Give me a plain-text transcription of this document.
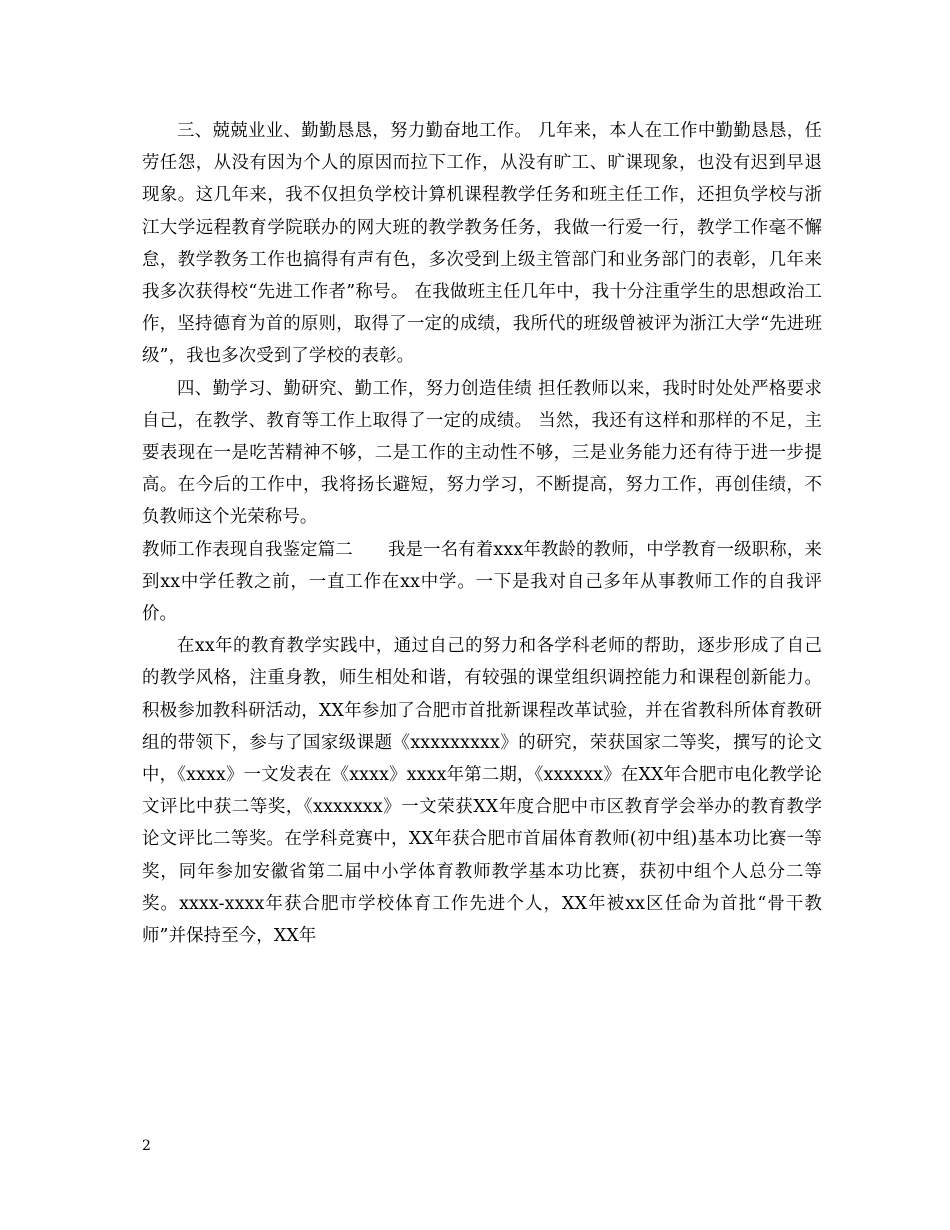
三、兢兢业业、勤勤恳恳，努力勤奋地工作。 几年来，本人在工作中勤勤恳恳，任劳任怨，从没有因为个人的原因而拉下工作，从没有旷工、旷课现象，也没有迟到早退现象。这几年来，我不仅担负学校计算机课程教学任务和班主任工作，还担负学校与浙江大学远程教育学院联办的网大班的教学教务任务，我做一行爱一行，教学工作毫不懈怠，教学教务工作也搞得有声有色，多次受到上级主管部门和业务部门的表彰，几年来我多次获得校“先进工作者”称号。 在我做班主任几年中，我十分注重学生的思想政治工作，坚持德育为首的原则，取得了一定的成绩，我所代的班级曾被评为浙江大学“先进班级”，我也多次受到了学校的表彰。

四、勤学习、勤研究、勤工作，努力创造佳绩 担任教师以来，我时时处处严格要求自己，在教学、教育等工作上取得了一定的成绩。 当然，我还有这样和那样的不足，主要表现在一是吃苦精神不够，二是工作的主动性不够，三是业务能力还有待于进一步提高。在今后的工作中，我将扬长避短，努力学习，不断提高，努力工作，再创佳绩，不负教师这个光荣称号。

教师工作表现自我鉴定篇二　　我是一名有着xxx年教龄的教师，中学教育一级职称，来到xx中学任教之前，一直工作在xx中学。一下是我对自己多年从事教师工作的自我评价。

在xx年的教育教学实践中，通过自己的努力和各学科老师的帮助，逐步形成了自己的教学风格，注重身教，师生相处和谐，有较强的课堂组织调控能力和课程创新能力。积极参加教科研活动，XX年参加了合肥市首批新课程改革试验，并在省教科所体育教研组的带领下，参与了国家级课题《xxxxxxxxx》的研究，荣获国家二等奖，撰写的论文中，《xxxx》一文发表在《xxxx》xxxx年第二期，《xxxxxx》在XX年合肥市电化教学论文评比中获二等奖，《xxxxxxx》一文荣获XX年度合肥中市区教育学会举办的教育教学论文评比二等奖。在学科竞赛中，XX年获合肥市首届体育教师(初中组)基本功比赛一等奖，同年参加安徽省第二届中小学体育教师教学基本功比赛，获初中组个人总分二等奖。xxxx-xxxx年获合肥市学校体育工作先进个人，XX年被xx区任命为首批“骨干教师”并保持至今，XX年

2
